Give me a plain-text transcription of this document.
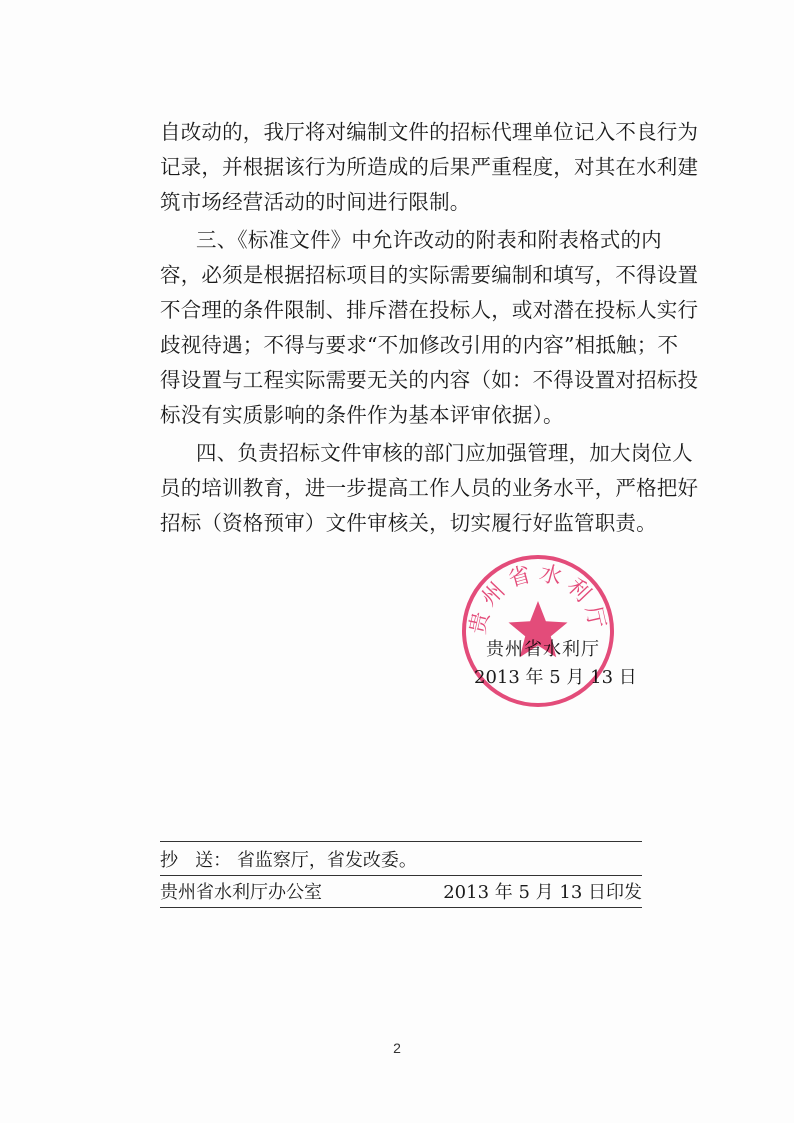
自改动的，我厅将对编制文件的招标代理单位记入不良行为
记录，并根据该行为所造成的后果严重程度，对其在水利建
筑市场经营活动的时间进行限制。
三、《标准文件》中允许改动的附表和附表格式的内
容，必须是根据招标项目的实际需要编制和填写，不得设置
不合理的条件限制、排斥潜在投标人，或对潜在投标人实行
歧视待遇；不得与要求“不加修改引用的内容”相抵触；不
得设置与工程实际需要无关的内容（如：不得设置对招标投
标没有实质影响的条件作为基本评审依据）。
四、负责招标文件审核的部门应加强管理，加大岗位人
员的培训教育，进一步提高工作人员的业务水平，严格把好
招标（资格预审）文件审核关，切实履行好监管职责。
贵州省水利厅
2013 年 5 月 13 日
贵州省水利厅
抄   送： 省监察厅，省发改委。
贵州省水利厅办公室	2013 年 5 月 13 日印发
2
